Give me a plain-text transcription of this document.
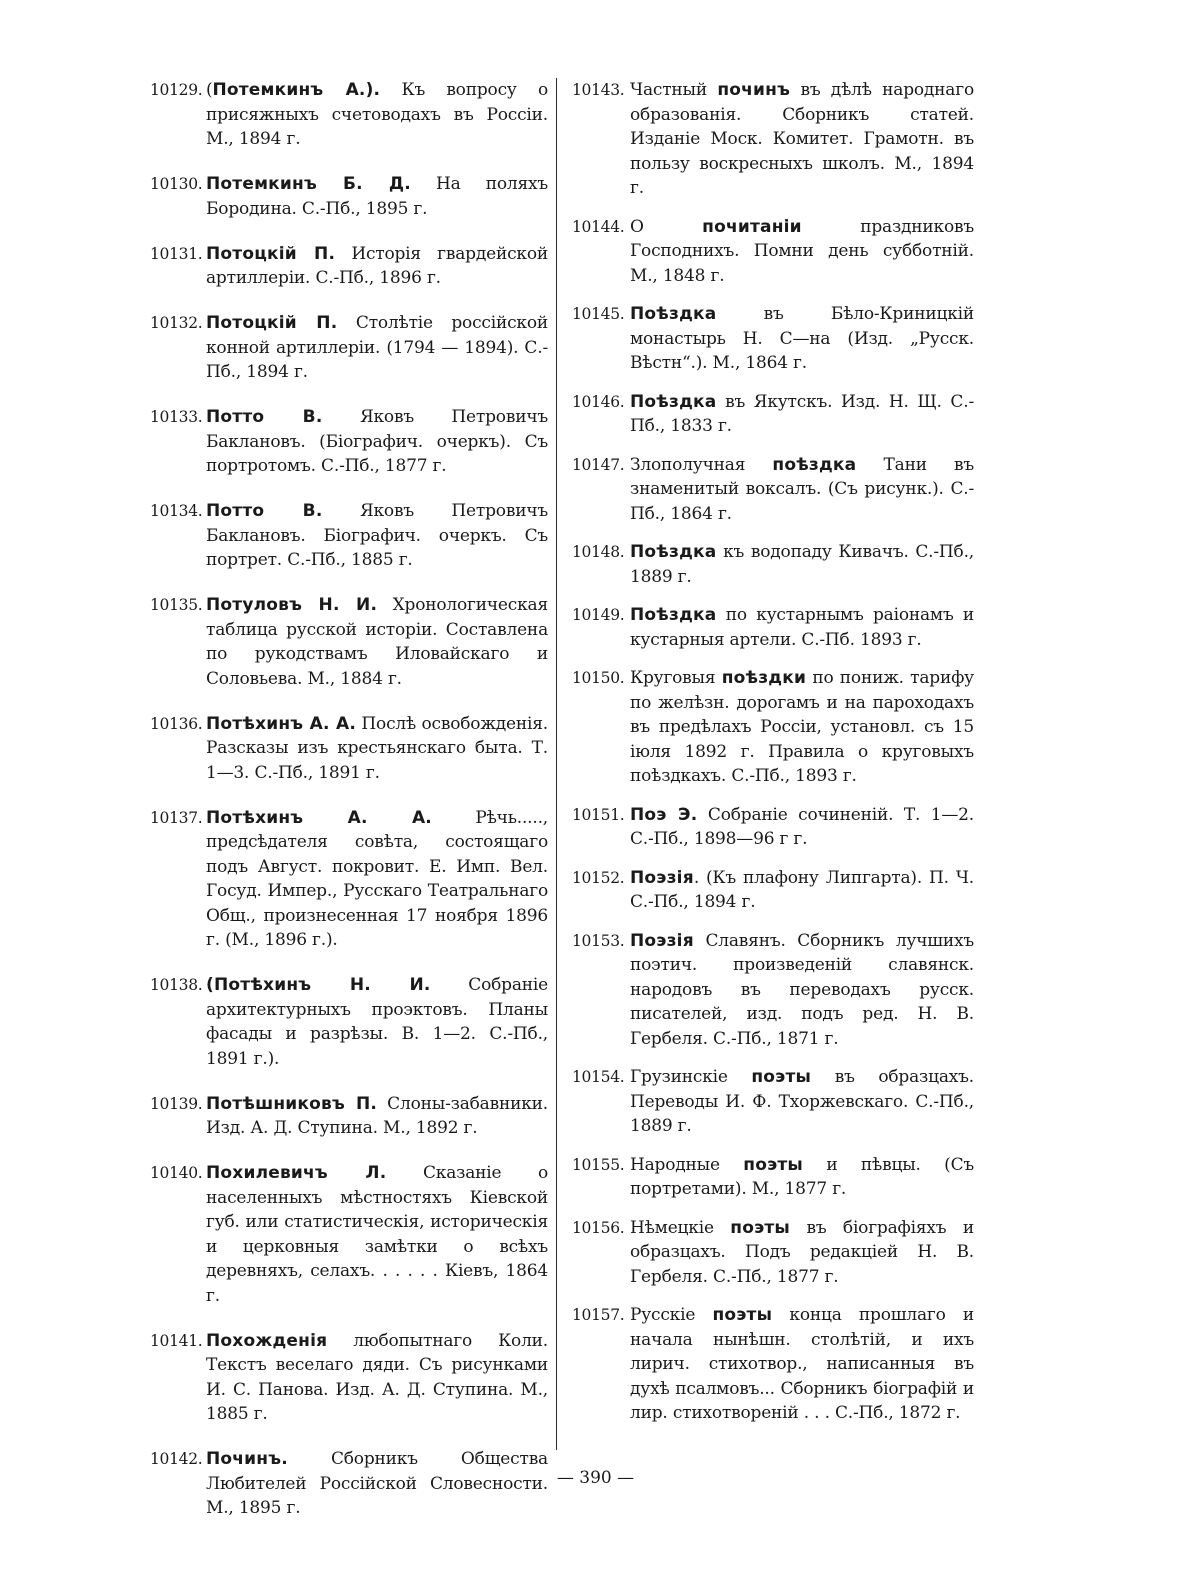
10129. (Потемкинъ А.). Къ вопросу о присяжныхъ счетоводахъ въ Россіи. М., 1894 г.
10130. Потемкинъ Б. Д. На поляхъ Бородина. С.-Пб., 1895 г.
10131. Потоцкій П. Исторія гвардейской артиллеріи. С.-Пб., 1896 г.
10132. Потоцкій П. Столѣтіе россійской конной артиллеріи. (1794 — 1894). С.-Пб., 1894 г.
10133. Потто В. Яковъ Петровичъ Баклановъ. (Біографич. очеркъ). Съ портротомъ. С.-Пб., 1877 г.
10134. Потто В. Яковъ Петровичъ Баклановъ. Біографич. очеркъ. Съ портрет. С.-Пб., 1885 г.
10135. Потуловъ Н. И. Хронологическая таблица русской исторіи. Составлена по рукодствамъ Иловайскаго и Соловьева. М., 1884 г.
10136. Потѣхинъ А. А. Послѣ освобожденія. Разсказы изъ крестьянскаго быта. Т. 1—3. С.-Пб., 1891 г.
10137. Потѣхинъ А. А. Рѣчь....., предсѣдателя совѣта, состоящаго подъ Август. покровит. Е. Имп. Вел. Госуд. Импер., Русскаго Театральнаго Общ., произнесенная 17 ноября 1896 г. (М., 1896 г.).
10138. (Потѣхинъ Н. И. Собраніе архитектурныхъ проэктовъ. Планы фасады и разрѣзы. В. 1—2. С.-Пб., 1891 г.).
10139. Потѣшниковъ П. Слоны-забавники. Изд. А. Д. Ступина. М., 1892 г.
10140. Похилевичъ Л. Сказаніе о населенныхъ мѣстностяхъ Кіевской губ. или статистическія, историческія и церковныя замѣтки о всѣхъ деревняхъ, селахъ. . . . . . Кіевъ, 1864 г.
10141. Похожденія любопытнаго Коли. Текстъ веселаго дяди. Съ рисунками И. С. Панова. Изд. А. Д. Ступина. М., 1885 г.
10142. Починъ. Сборникъ Общества Любителей Россійской Словесности. М., 1895 г.
10143. Частный починъ въ дѣлѣ народнаго образованія. Сборникъ статей. Изданіе Моск. Комитет. Грамотн. въ пользу воскресныхъ школъ. М., 1894 г.
10144. О почитаніи праздниковъ Господнихъ. Помни день субботній. М., 1848 г.
10145. Поѣздка въ Бѣло-Криницкій монастырь Н. С—на (Изд. „Русск. Вѣстн“.). М., 1864 г.
10146. Поѣздка въ Якутскъ. Изд. Н. Щ. С.-Пб., 1833 г.
10147. Злополучная поѣздка Тани въ знаменитый воксалъ. (Съ рисунк.). С.-Пб., 1864 г.
10148. Поѣздка къ водопаду Кивачъ. С.-Пб., 1889 г.
10149. Поѣздка по кустарнымъ раіонамъ и кустарныя артели. С.-Пб. 1893 г.
10150. Круговыя поѣздки по пониж. тарифу по желѣзн. дорогамъ и на пароходахъ въ предѣлахъ Россіи, установл. съ 15 іюля 1892 г. Правила о круговыхъ поѣздкахъ. С.-Пб., 1893 г.
10151. Поэ Э. Собраніе сочиненій. Т. 1—2. С.-Пб., 1898—96 г г.
10152. Поэзія. (Къ плафону Липгарта). П. Ч. С.-Пб., 1894 г.
10153. Поэзія Славянъ. Сборникъ лучшихъ поэтич. произведеній славянск. народовъ въ переводахъ русск. писателей, изд. подъ ред. Н. В. Гербеля. С.-Пб., 1871 г.
10154. Грузинскіе поэты въ образцахъ. Переводы И. Ф. Тхоржевскаго. С.-Пб., 1889 г.
10155. Народные поэты и пѣвцы. (Съ портретами). М., 1877 г.
10156. Нѣмецкіе поэты въ біографіяхъ и образцахъ. Подъ редакціей Н. В. Гербеля. С.-Пб., 1877 г.
10157. Русскіе поэты конца прошлаго и начала нынѣшн. столѣтій, и ихъ лирич. стихотвор., написанныя въ духѣ псалмовъ... Сборникъ біографій и лир. стихотвореній . . . С.-Пб., 1872 г.
— 390 —
